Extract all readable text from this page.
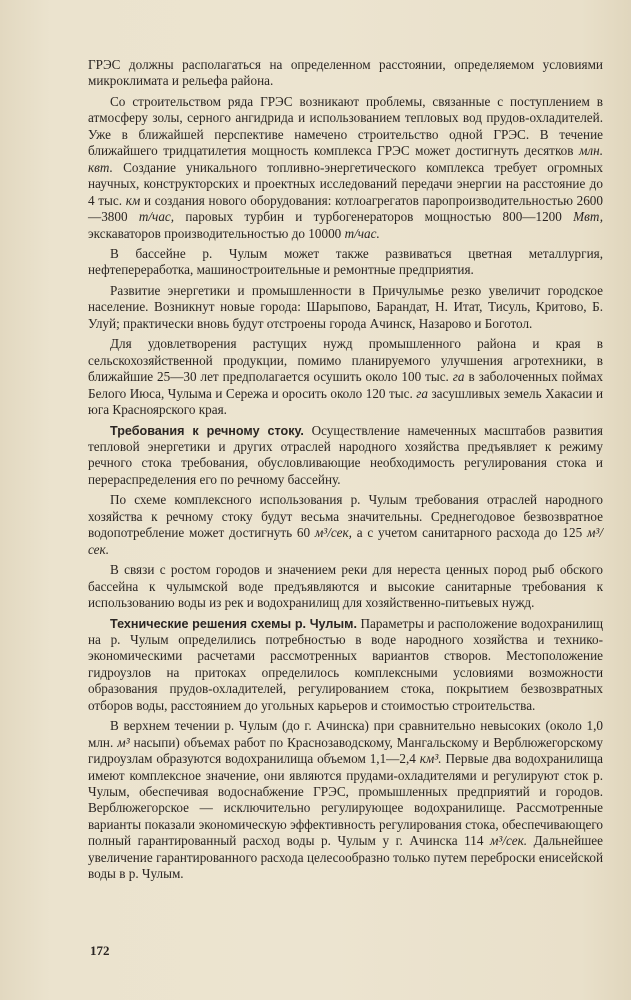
ГРЭС должны располагаться на определенном расстоянии, определяемом условиями микроклимата и рельефа района.

Со строительством ряда ГРЭС возникают проблемы, связанные с поступлением в атмосферу золы, серного ангидрида и использованием тепловых вод прудов-охладителей. Уже в ближайшей перспективе намечено строительство одной ГРЭС. В течение ближайшего тридцатилетия мощность комплекса ГРЭС может достигнуть десятков млн. квт. Создание уникального топливно-энергетического комплекса требует огромных научных, конструкторских и проектных исследований передачи энергии на расстояние до 4 тыс. км и создания нового оборудования: котлоагрегатов паропроизводительностью 2600—3800 т/час, паровых турбин и турбогенераторов мощностью 800—1200 Мвт, экскаваторов производительностью до 10000 т/час.

В бассейне р. Чулым может также развиваться цветная металлургия, нефтепереработка, машиностроительные и ремонтные предприятия.

Развитие энергетики и промышленности в Причулымье резко увеличит городское население. Возникнут новые города: Шарыпово, Барандат, Н. Итат, Тисуль, Критово, Б. Улуй; практически вновь будут отстроены города Ачинск, Назарово и Боготол.

Для удовлетворения растущих нужд промышленного района и края в сельскохозяйственной продукции, помимо планируемого улучшения агротехники, в ближайшие 25—30 лет предполагается осушить около 100 тыс. га в заболоченных поймах Белого Июса, Чулыма и Сережа и оросить около 120 тыс. га засушливых земель Хакасии и юга Красноярского края.

Требования к речному стоку. Осуществление намеченных масштабов развития тепловой энергетики и других отраслей народного хозяйства предъявляет к режиму речного стока требования, обусловливающие необходимость регулирования стока и перераспределения его по речному бассейну.

По схеме комплексного использования р. Чулым требования отраслей народного хозяйства к речному стоку будут весьма значительны. Среднегодовое безвозвратное водопотребление может достигнуть 60 м³/сек, а с учетом санитарного расхода до 125 м³/сек.

В связи с ростом городов и значением реки для нереста ценных пород рыб обского бассейна к чулымской воде предъявляются и высокие санитарные требования к использованию воды из рек и водохранилищ для хозяйственно-питьевых нужд.

Технические решения схемы р. Чулым. Параметры и расположение водохранилищ на р. Чулым определились потребностью в воде народного хозяйства и технико-экономическими расчетами рассмотренных вариантов створов. Местоположение гидроузлов на притоках определилось комплексными условиями возможности образования прудов-охладителей, регулированием стока, покрытием безвозвратных отборов воды, расстоянием до угольных карьеров и стоимостью строительства.

В верхнем течении р. Чулым (до г. Ачинска) при сравнительно невысоких (около 1,0 млн. м³ насыпи) объемах работ по Краснозаводскому, Мангальскому и Верблюжегорскому гидроузлам образуются водохранилища объемом 1,1—2,4 км³. Первые два водохранилища имеют комплексное значение, они являются прудами-охладителями и регулируют сток р. Чулым, обеспечивая водоснабжение ГРЭС, промышленных предприятий и городов. Верблюжегорское — исключительно регулирующее водохранилище. Рассмотренные варианты показали экономическую эффективность регулирования стока, обеспечивающего полный гарантированный расход воды р. Чулым у г. Ачинска 114 м³/сек. Дальнейшее увеличение гарантированного расхода целесообразно только путем переброски енисейской воды в р. Чулым.

172
